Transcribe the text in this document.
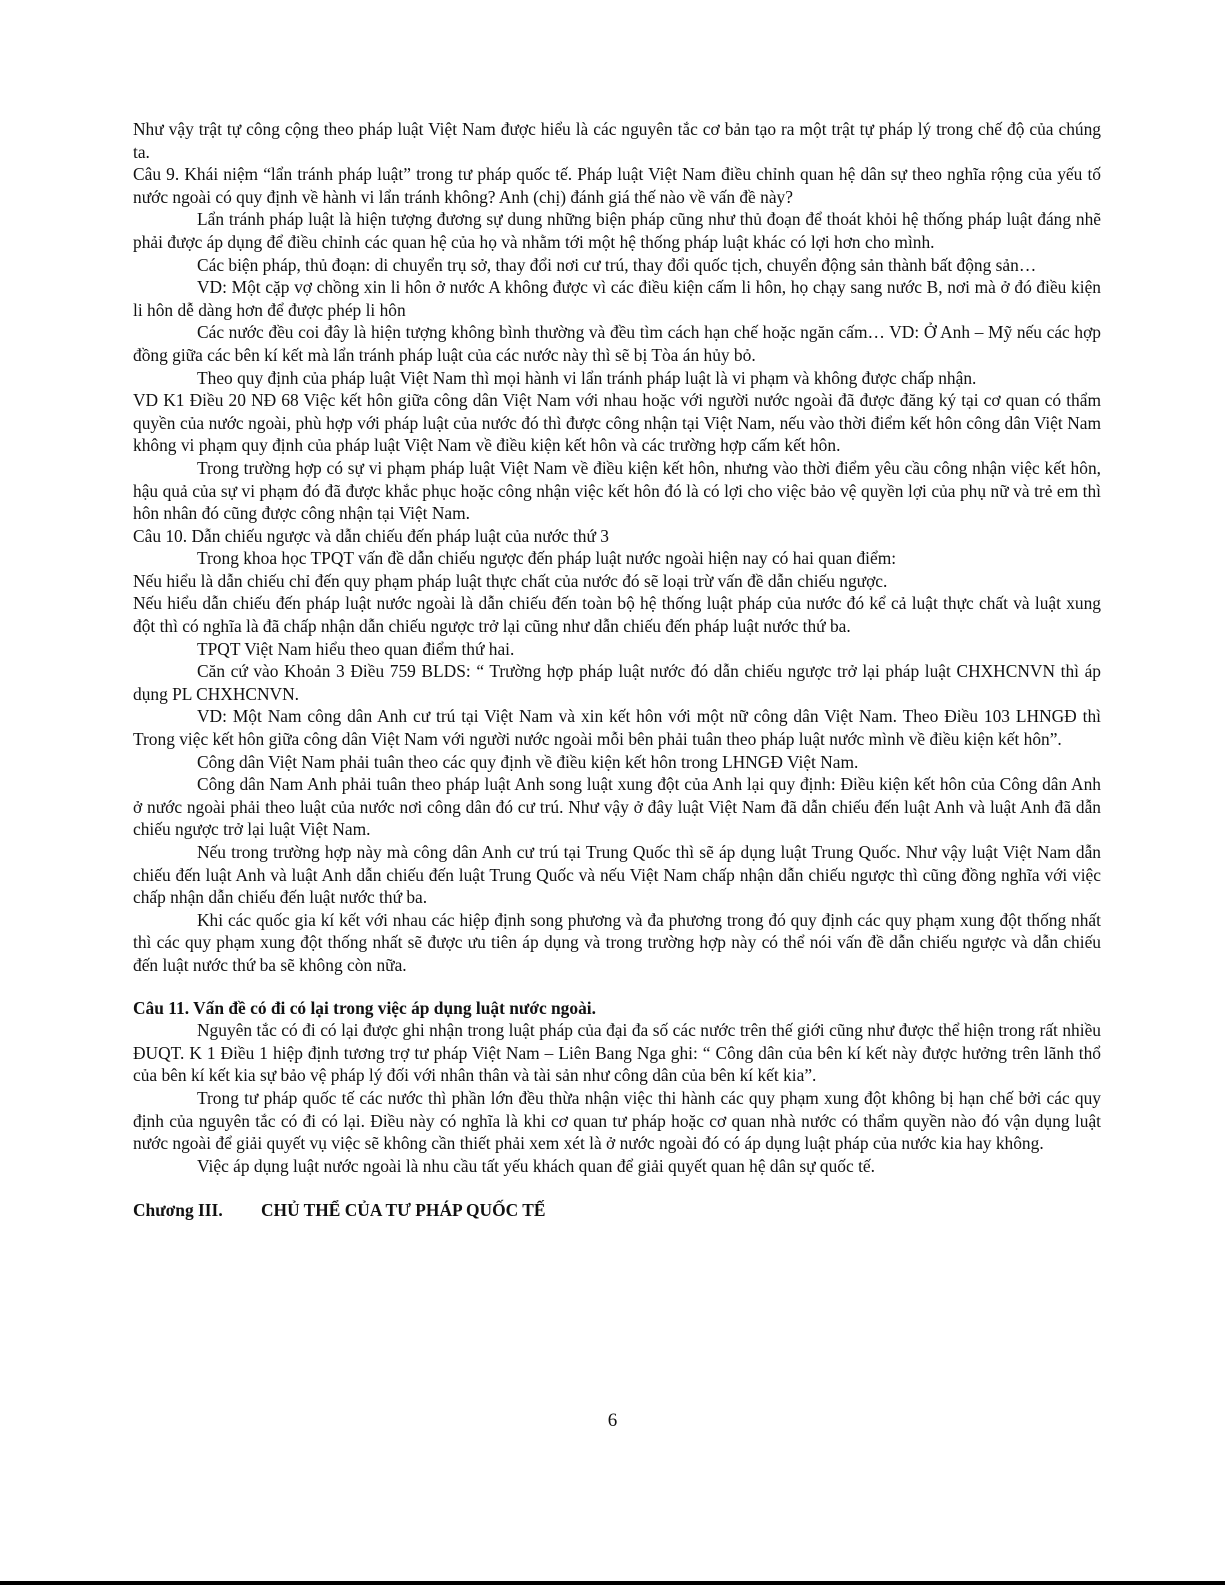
Như vậy trật tự công cộng theo pháp luật Việt Nam được hiểu là các nguyên tắc cơ bản tạo ra một trật tự pháp lý trong chế độ của chúng ta.

Câu 9. Khái niệm “lẩn tránh pháp luật” trong tư pháp quốc tế. Pháp luật Việt Nam điều chỉnh quan hệ dân sự theo nghĩa rộng của yếu tố nước ngoài có quy định về hành vi lẩn tránh không? Anh (chị) đánh giá thế nào về vấn đề này?

Lẩn tránh pháp luật là hiện tượng đương sự dung những biện pháp cũng như thủ đoạn để thoát khỏi hệ thống pháp luật đáng nhẽ phải được áp dụng để điều chỉnh các quan hệ của họ và nhằm tới một hệ thống pháp luật khác có lợi hơn cho mình.

Các biện pháp, thủ đoạn: di chuyển trụ sở, thay đổi nơi cư trú, thay đổi quốc tịch, chuyển động sản thành bất động sản…

VD: Một cặp vợ chồng xin li hôn ở nước A không được vì các điều kiện cấm li hôn, họ chạy sang nước B, nơi mà ở đó điều kiện li hôn dễ dàng hơn để được phép li hôn

Các nước đều coi đây là hiện tượng không bình thường và đều tìm cách hạn chế hoặc ngăn cấm… VD: Ở Anh – Mỹ nếu các hợp đồng giữa các bên kí kết mà lẩn tránh pháp luật của các nước này thì sẽ bị Tòa án hủy bỏ.

Theo quy định của pháp luật Việt Nam thì mọi hành vi lẩn tránh pháp luật là vi phạm và không được chấp nhận.

VD K1 Điều 20 NĐ 68 Việc kết hôn giữa công dân Việt Nam với nhau hoặc với người nước ngoài đã được đăng ký tại cơ quan có thẩm quyền của nước ngoài, phù hợp với pháp luật của nước đó thì được công nhận tại Việt Nam, nếu vào thời điểm kết hôn công dân Việt Nam không vi phạm quy định của pháp luật Việt Nam về điều kiện kết hôn và các trường hợp cấm kết hôn.

Trong trường hợp có sự vi phạm pháp luật Việt Nam về điều kiện kết hôn, nhưng vào thời điểm yêu cầu công nhận việc kết hôn, hậu quả của sự vi phạm đó đã được khắc phục hoặc công nhận việc kết hôn đó là có lợi cho việc bảo vệ quyền lợi của phụ nữ và trẻ em thì hôn nhân đó cũng được công nhận tại Việt Nam.

Câu 10. Dẫn chiếu ngược và dẫn chiếu đến pháp luật của nước thứ 3

Trong khoa học TPQT vấn đề dẫn chiếu ngược đến pháp luật nước ngoài hiện nay có hai quan điểm:

Nếu hiểu là dẫn chiếu chỉ đến quy phạm pháp luật thực chất của nước đó sẽ loại trừ vấn đề dẫn chiếu ngược.

Nếu hiểu dẫn chiếu đến pháp luật nước ngoài là dẫn chiếu đến toàn bộ hệ thống luật pháp của nước đó kể cả luật thực chất và luật xung đột thì có nghĩa là đã chấp nhận dẫn chiếu ngược trở lại cũng như dẫn chiếu đến pháp luật nước thứ ba.

TPQT Việt Nam hiểu theo quan điểm thứ hai.

Căn cứ vào Khoản 3 Điều 759 BLDS: “ Trường hợp pháp luật nước đó dẫn chiếu ngược trở lại pháp luật CHXHCNVN thì áp dụng PL CHXHCNVN.

VD: Một Nam công dân Anh cư trú tại Việt Nam và xin kết hôn với một nữ công dân Việt Nam. Theo Điều 103 LHNGĐ thì Trong việc kết hôn giữa công dân Việt Nam với người nước ngoài mỗi bên phải tuân theo pháp luật nước mình về điều kiện kết hôn”.

Công dân Việt Nam phải tuân theo các quy định về điều kiện kết hôn trong LHNGĐ Việt Nam.

Công dân Nam Anh phải tuân theo pháp luật Anh song luật xung đột của Anh lại quy định: Điều kiện kết hôn của Công dân Anh ở nước ngoài phải theo luật của nước nơi công dân đó cư trú. Như vậy ở đây luật Việt Nam đã dẫn chiếu đến luật Anh và luật Anh đã dẫn chiếu ngược trở lại luật Việt Nam.

Nếu trong trường hợp này mà công dân Anh cư trú tại Trung Quốc thì sẽ áp dụng luật Trung Quốc. Như vậy luật Việt Nam dẫn chiếu đến luật Anh và luật Anh dẫn chiếu đến luật Trung Quốc và nếu Việt Nam chấp nhận dẫn chiếu ngược thì cũng đồng nghĩa với việc chấp nhận dẫn chiếu đến luật nước thứ ba.

Khi các quốc gia kí kết với nhau các hiệp định song phương và đa phương trong đó quy định các quy phạm xung đột thống nhất thì các quy phạm xung đột thống nhất sẽ được ưu tiên áp dụng và trong trường hợp này có thể nói vấn đề dẫn chiếu ngược và dẫn chiếu đến luật nước thứ ba sẽ không còn nữa.

Câu 11. Vấn đề có đi có lại trong việc áp dụng luật nước ngoài.

Nguyên tắc có đi có lại được ghi nhận trong luật pháp của đại đa số các nước trên thế giới cũng như được thể hiện trong rất nhiều ĐUQT. K 1 Điều 1 hiệp định tương trợ tư pháp Việt Nam – Liên Bang Nga ghi: “ Công dân của bên kí kết này được hưởng trên lãnh thổ của bên kí kết kia sự bảo vệ pháp lý đối với nhân thân và tài sản như công dân của bên kí kết kia”.

Trong tư pháp quốc tế các nước thì phần lớn đều thừa nhận việc thi hành các quy phạm xung đột không bị hạn chế bởi các quy định của nguyên tắc có đi có lại. Điều này có nghĩa là khi cơ quan tư pháp hoặc cơ quan nhà nước có thẩm quyền nào đó vận dụng luật nước ngoài để giải quyết vụ việc sẽ không cần thiết phải xem xét là ở nước ngoài đó có áp dụng luật pháp của nước kia hay không.

Việc áp dụng luật nước ngoài là nhu cầu tất yếu khách quan để giải quyết quan hệ dân sự quốc tế.

Chương III. CHỦ THỂ CỦA TƯ PHÁP QUỐC TẾ

6
